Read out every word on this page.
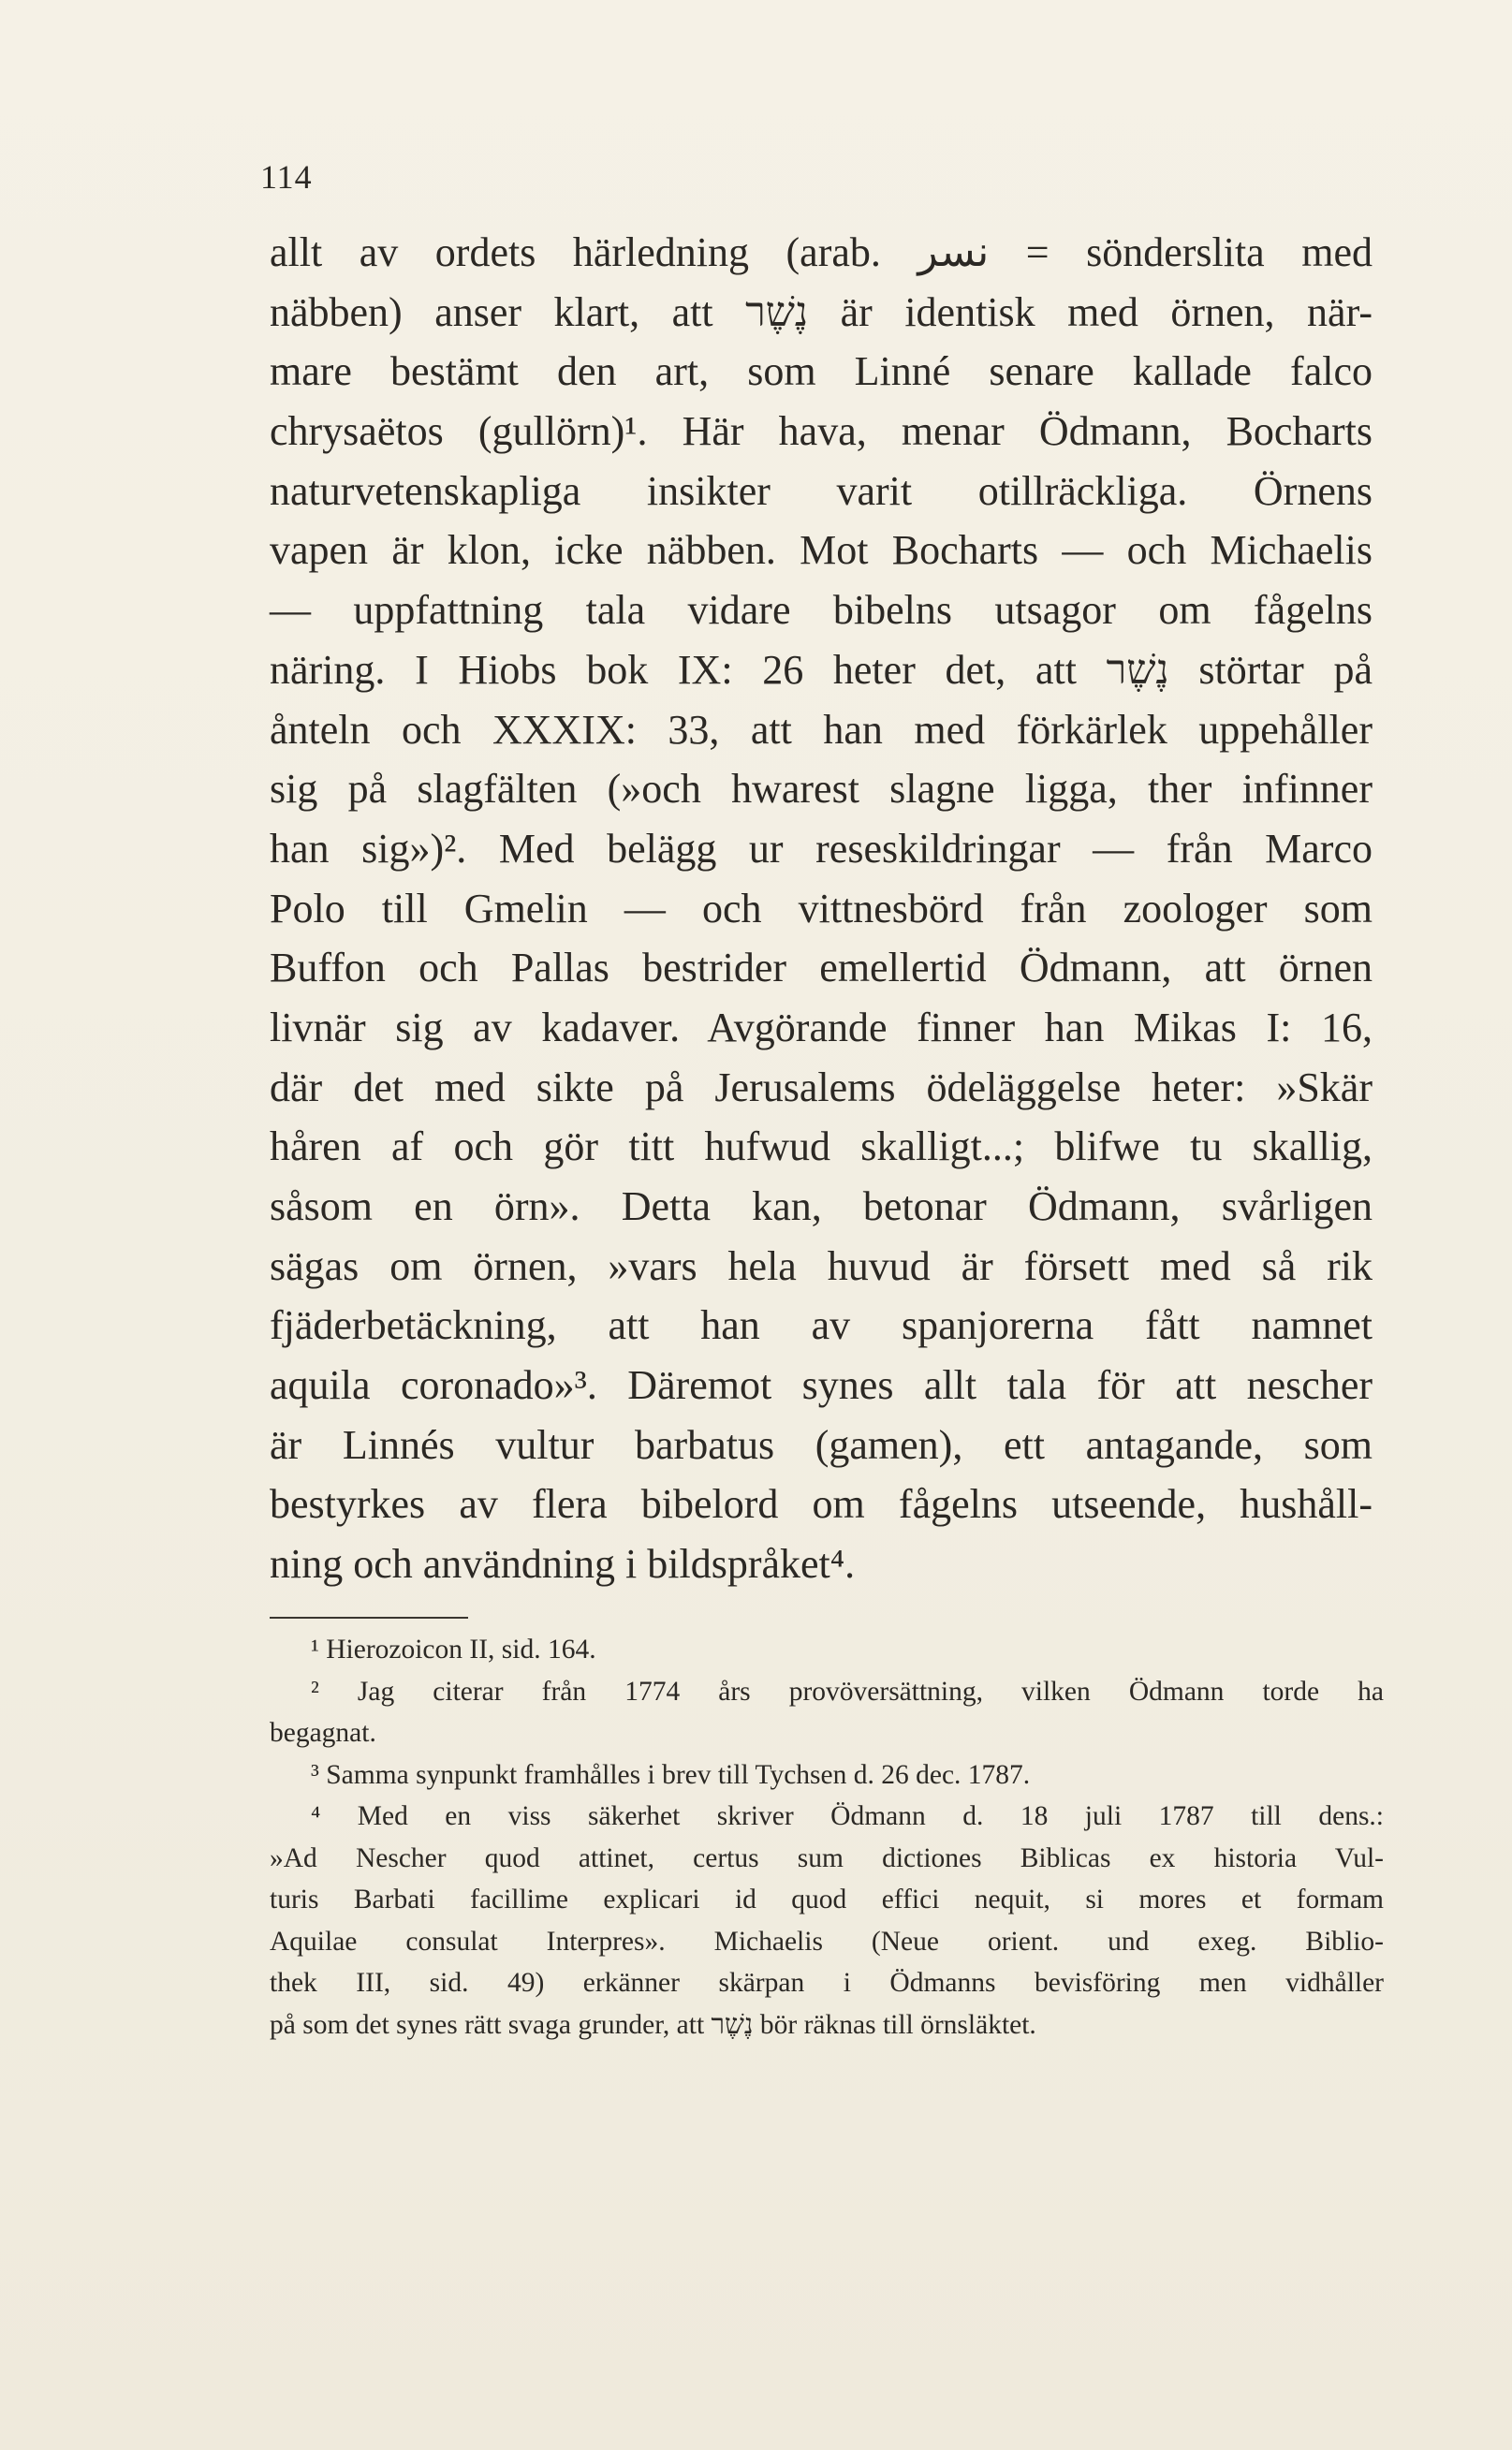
114
allt av ordets härledning (arab. نسر = sönderslita med
näbben) anser klart, att נֶשֶׁר är identisk med örnen, när-
mare bestämt den art, som Linné senare kallade falco
chrysaëtos (gullörn)¹. Här hava, menar Ödmann, Bocharts
naturvetenskapliga insikter varit otillräckliga. Örnens
vapen är klon, icke näbben. Mot Bocharts — och Michaelis
— uppfattning tala vidare bibelns utsagor om fågelns
näring. I Hiobs bok IX: 26 heter det, att נֶשֶׁר störtar på
ånteln och XXXIX: 33, att han med förkärlek uppehåller
sig på slagfälten (»och hwarest slagne ligga, ther infinner
han sig»)². Med belägg ur reseskildringar — från Marco
Polo till Gmelin — och vittnesbörd från zoologer som
Buffon och Pallas bestrider emellertid Ödmann, att örnen
livnär sig av kadaver. Avgörande finner han Mikas I: 16,
där det med sikte på Jerusalems ödeläggelse heter: »Skär
håren af och gör titt hufwud skalligt...; blifwe tu skallig,
såsom en örn». Detta kan, betonar Ödmann, svårligen
sägas om örnen, »vars hela huvud är försett med så rik
fjäderbetäckning, att han av spanjorerna fått namnet
aquila coronado»³. Däremot synes allt tala för att nescher
är Linnés vultur barbatus (gamen), ett antagande, som
bestyrkes av flera bibelord om fågelns utseende, hushåll-
ning och användning i bildspråket⁴.
¹ Hierozoicon II, sid. 164.
² Jag citerar från 1774 års provöversättning, vilken Ödmann torde ha
begagnat.
³ Samma synpunkt framhålles i brev till Tychsen d. 26 dec. 1787.
⁴ Med en viss säkerhet skriver Ödmann d. 18 juli 1787 till dens.:
»Ad Nescher quod attinet, certus sum dictiones Biblicas ex historia Vul-
turis Barbati facillime explicari id quod effici nequit, si mores et formam
Aquilae consulat Interpres». Michaelis (Neue orient. und exeg. Biblio-
thek III, sid. 49) erkänner skärpan i Ödmanns bevisföring men vidhåller
på som det synes rätt svaga grunder, att נֶשֶׁר bör räknas till örnsläktet.
